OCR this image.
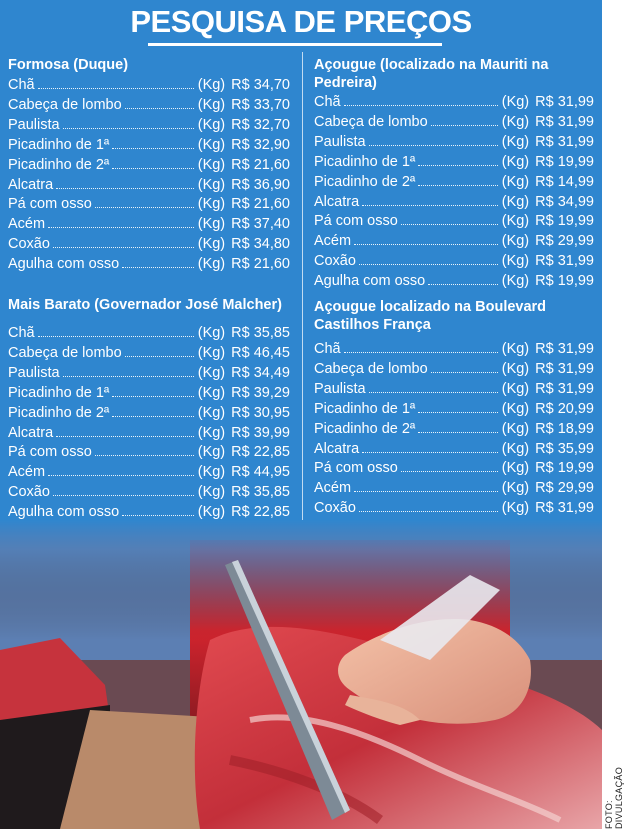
PESQUISA DE PREÇOS
Formosa (Duque)
Chã	(Kg) R$ 34,70
Cabeça de lombo	(Kg) R$ 33,70
Paulista	(Kg) R$ 32,70
Picadinho de 1ª	(Kg) R$ 32,90
Picadinho de 2ª	(Kg) R$ 21,60
Alcatra	(Kg) R$ 36,90
Pá com osso	(Kg) R$ 21,60
Acém	(Kg) R$ 37,40
Coxão	(Kg) R$ 34,80
Agulha com osso	(Kg) R$ 21,60
Mais Barato (Governador José Malcher)
Chã	(Kg) R$ 35,85
Cabeça de lombo	(Kg) R$ 46,45
Paulista	(Kg) R$ 34,49
Picadinho de 1ª	(Kg) R$ 39,29
Picadinho de 2ª	(Kg) R$ 30,95
Alcatra	(Kg) R$ 39,99
Pá com osso	(Kg) R$ 22,85
Acém	(Kg) R$ 44,95
Coxão	(Kg) R$ 35,85
Agulha com osso	(Kg) R$ 22,85
Açougue (localizado na Mauriti na Pedreira)
Chã	(Kg) R$ 31,99
Cabeça de lombo	(Kg) R$ 31,99
Paulista	(Kg) R$ 31,99
Picadinho de 1ª	(Kg) R$ 19,99
Picadinho de 2ª	(Kg) R$ 14,99
Alcatra	(Kg) R$ 34,99
Pá com osso	(Kg) R$ 19,99
Acém	(Kg) R$ 29,99
Coxão	(Kg) R$ 31,99
Agulha com osso	(Kg) R$ 19,99
Açougue localizado na Boulevard Castilhos França
Chã	(Kg) R$ 31,99
Cabeça de lombo	(Kg) R$ 31,99
Paulista	(Kg) R$ 31,99
Picadinho de 1ª	(Kg) R$ 20,99
Picadinho de 2ª	(Kg) R$ 18,99
Alcatra	(Kg) R$ 35,99
Pá com osso	(Kg) R$ 19,99
Acém	(Kg) R$ 29,99
Coxão	(Kg) R$ 31,99
FOTO: DIVULGAÇÃO
